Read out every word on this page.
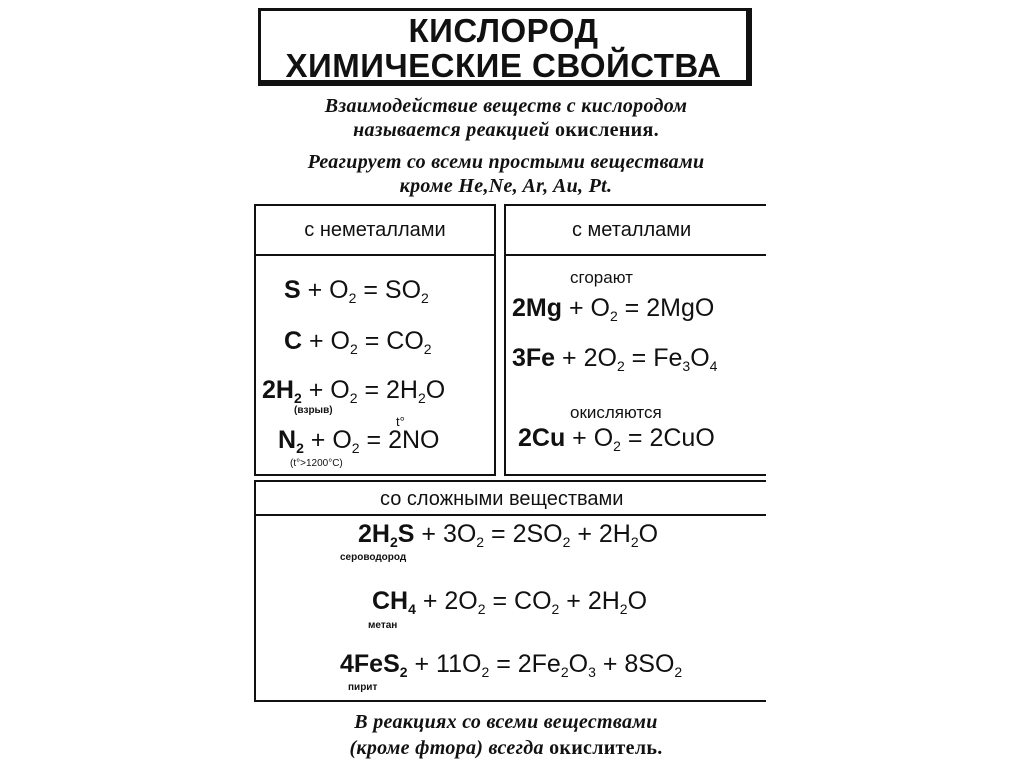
КИСЛОРОД
ХИМИЧЕСКИЕ СВОЙСТВА
Взаимодействие веществ с кислородом
называется реакцией окисления.
Реагирует со всеми простыми веществами
кроме He,Ne, Ar, Au, Pt.
с неметаллами
$S + O_2 = SO_2$
$C + O_2 = CO_2$
$2H_2 + O_2 = 2H_2O$
(взрыв)
t°
$N_2 + O_2 = 2NO$
(t°>1200°C)
с металлами
сгорают
$2Mg + O_2 = 2MgO$
$3Fe + 2O_2 = Fe_3O_4$
окисляются
$2Cu + O_2 = 2CuO$
со сложными веществами
$2H_2S + 3O_2 = 2SO_2 + 2H_2O$
сероводород
$CH_4 + 2O_2 = CO_2 + 2H_2O$
метан
$4FeS_2 + 11O_2 = 2Fe_2O_3 + 8SO_2$
пирит
В реакциях со всеми веществами
(кроме фтора) всегда окислитель.
